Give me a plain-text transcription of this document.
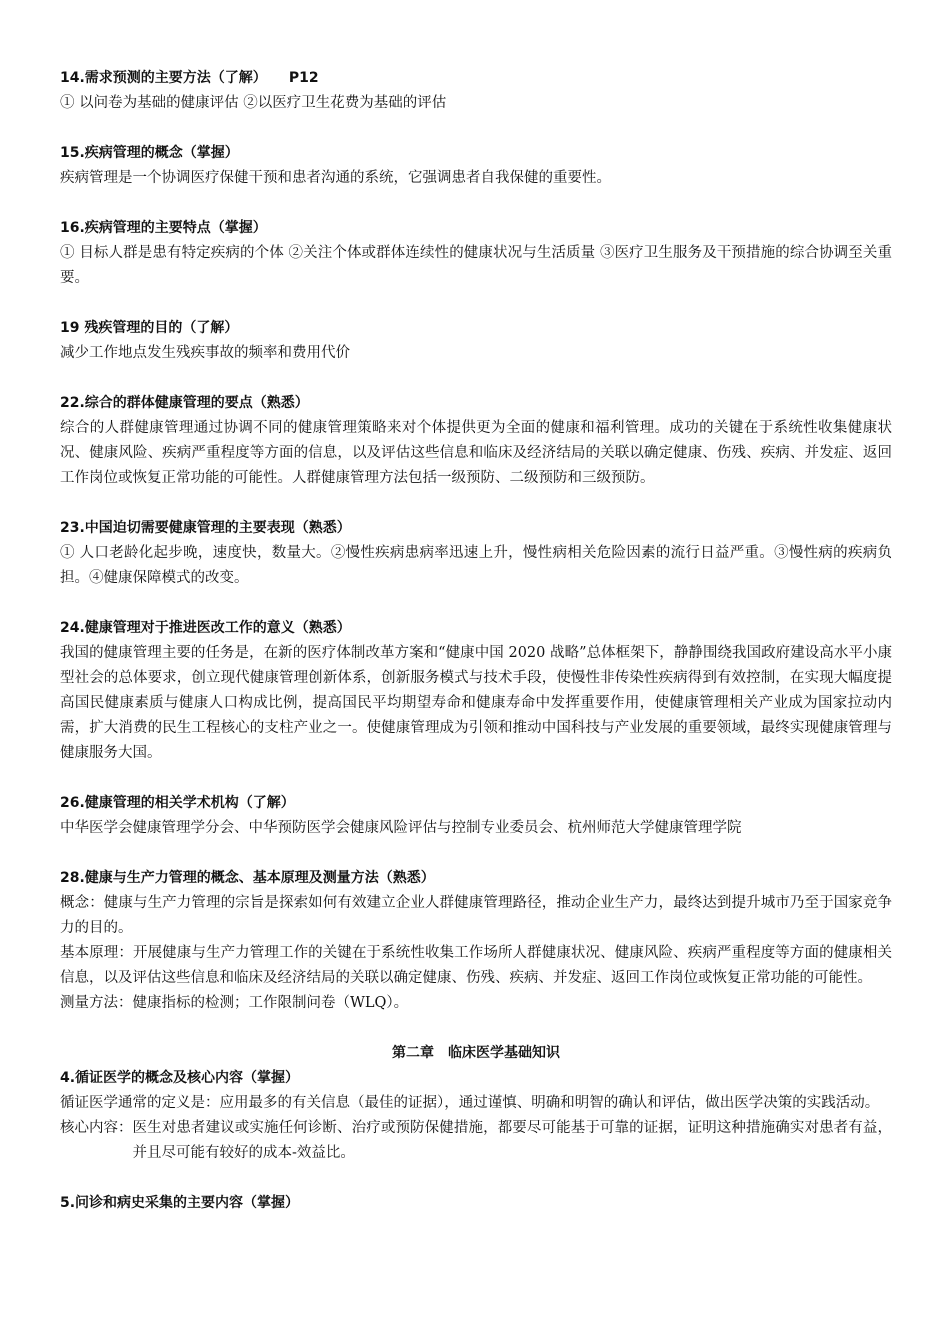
14.需求预测的主要方法（了解） P12
① 以问卷为基础的健康评估 ②以医疗卫生花费为基础的评估
15.疾病管理的概念（掌握）
疾病管理是一个协调医疗保健干预和患者沟通的系统，它强调患者自我保健的重要性。
16.疾病管理的主要特点（掌握）
① 目标人群是患有特定疾病的个体 ②关注个体或群体连续性的健康状况与生活质量 ③医疗卫生服务及干预措施的综合协调至关重要。
19 残疾管理的目的（了解）
减少工作地点发生残疾事故的频率和费用代价
22.综合的群体健康管理的要点（熟悉）
综合的人群健康管理通过协调不同的健康管理策略来对个体提供更为全面的健康和福利管理。成功的关键在于系统性收集健康状况、健康风险、疾病严重程度等方面的信息，以及评估这些信息和临床及经济结局的关联以确定健康、伤残、疾病、并发症、返回工作岗位或恢复正常功能的可能性。人群健康管理方法包括一级预防、二级预防和三级预防。
23.中国迫切需要健康管理的主要表现（熟悉）
① 人口老龄化起步晚，速度快，数量大。②慢性疾病患病率迅速上升，慢性病相关危险因素的流行日益严重。③慢性病的疾病负担。④健康保障模式的改变。
24.健康管理对于推进医改工作的意义（熟悉）
我国的健康管理主要的任务是，在新的医疗体制改革方案和“健康中国 2020 战略”总体框架下，静静围绕我国政府建设高水平小康型社会的总体要求，创立现代健康管理创新体系，创新服务模式与技术手段，使慢性非传染性疾病得到有效控制，在实现大幅度提高国民健康素质与健康人口构成比例，提高国民平均期望寿命和健康寿命中发挥重要作用，使健康管理相关产业成为国家拉动内需，扩大消费的民生工程核心的支柱产业之一。使健康管理成为引领和推动中国科技与产业发展的重要领域，最终实现健康管理与健康服务大国。
26.健康管理的相关学术机构（了解）
中华医学会健康管理学分会、中华预防医学会健康风险评估与控制专业委员会、杭州师范大学健康管理学院
28.健康与生产力管理的概念、基本原理及测量方法（熟悉）
概念：健康与生产力管理的宗旨是探索如何有效建立企业人群健康管理路径，推动企业生产力，最终达到提升城市乃至于国家竞争力的目的。
基本原理：开展健康与生产力管理工作的关键在于系统性收集工作场所人群健康状况、健康风险、疾病严重程度等方面的健康相关信息，以及评估这些信息和临床及经济结局的关联以确定健康、伤残、疾病、并发症、返回工作岗位或恢复正常功能的可能性。
测量方法：健康指标的检测；工作限制问卷（WLQ）。
第二章　临床医学基础知识
4.循证医学的概念及核心内容（掌握）
循证医学通常的定义是： 应用最多的有关信息（最佳的证据），通过谨慎、明确和明智的确认和评估，做出医学决策的实践活动。
核心内容： 医生对患者建议或实施任何诊断、治疗或预防保健措施，都要尽可能基于可靠的证据，证明这种措施确实对患者有益，并且尽可能有较好的成本-效益比。
5.问诊和病史采集的主要内容（掌握）
